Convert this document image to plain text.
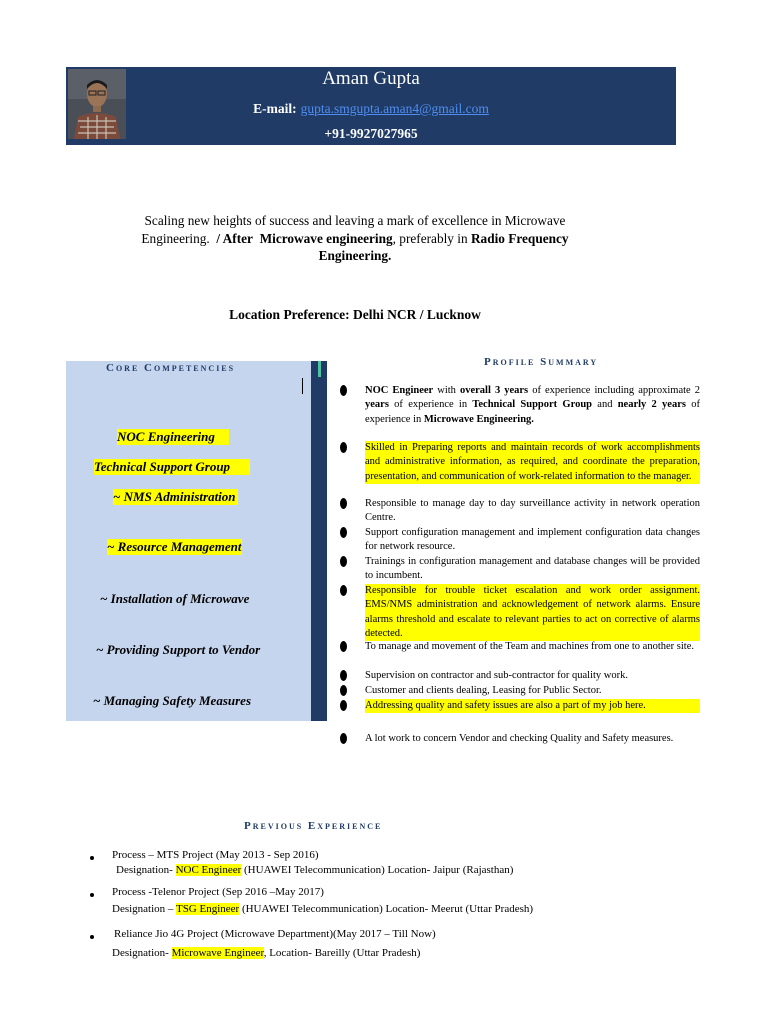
Aman Gupta
E-mail: gupta.smgupta.aman4@gmail.com
+91-9927027965
Scaling new heights of success and leaving a mark of excellence in Microwave
Engineering. / After Microwave engineering, preferably in Radio Frequency
Engineering.
Location Preference: Delhi NCR / Lucknow
Core Competencies
NOC Engineering
Technical Support Group
~ NMS Administration
~ Resource Management
~ Installation of Microwave
~ Providing Support to Vendor
~ Managing Safety Measures
Profile Summary
NOC Engineer with overall 3 years of experience including approximate 2 years of experience in Technical Support Group and nearly 2 years of experience in Microwave Engineering.
Skilled in Preparing reports and maintain records of work accomplishments and administrative information, as required, and coordinate the preparation, presentation, and communication of work-related information to the manager.
Responsible to manage day to day surveillance activity in network operation Centre.
Support configuration management and implement configuration data changes for network resource.
Trainings in configuration management and database changes will be provided to incumbent.
Responsible for trouble ticket escalation and work order assignment. EMS/NMS administration and acknowledgement of network alarms. Ensure alarms threshold and escalate to relevant parties to act on corrective of alarms detected.
To manage and movement of the Team and machines from one to another site.
Supervision on contractor and sub-contractor for quality work.
Customer and clients dealing, Leasing for Public Sector.
Addressing quality and safety issues are also a part of my job here.
A lot work to concern Vendor and checking Quality and Safety measures.
Previous Experience
Process – MTS Project (May 2013 - Sep 2016)
Designation- NOC Engineer (HUAWEI Telecommunication) Location- Jaipur (Rajasthan)
Process -Telenor Project (Sep 2016 –May 2017)
Designation – TSG Engineer (HUAWEI Telecommunication) Location- Meerut (Uttar Pradesh)
Reliance Jio 4G Project (Microwave Department)(May 2017 – Till Now)
Designation- Microwave Engineer, Location- Bareilly (Uttar Pradesh)
